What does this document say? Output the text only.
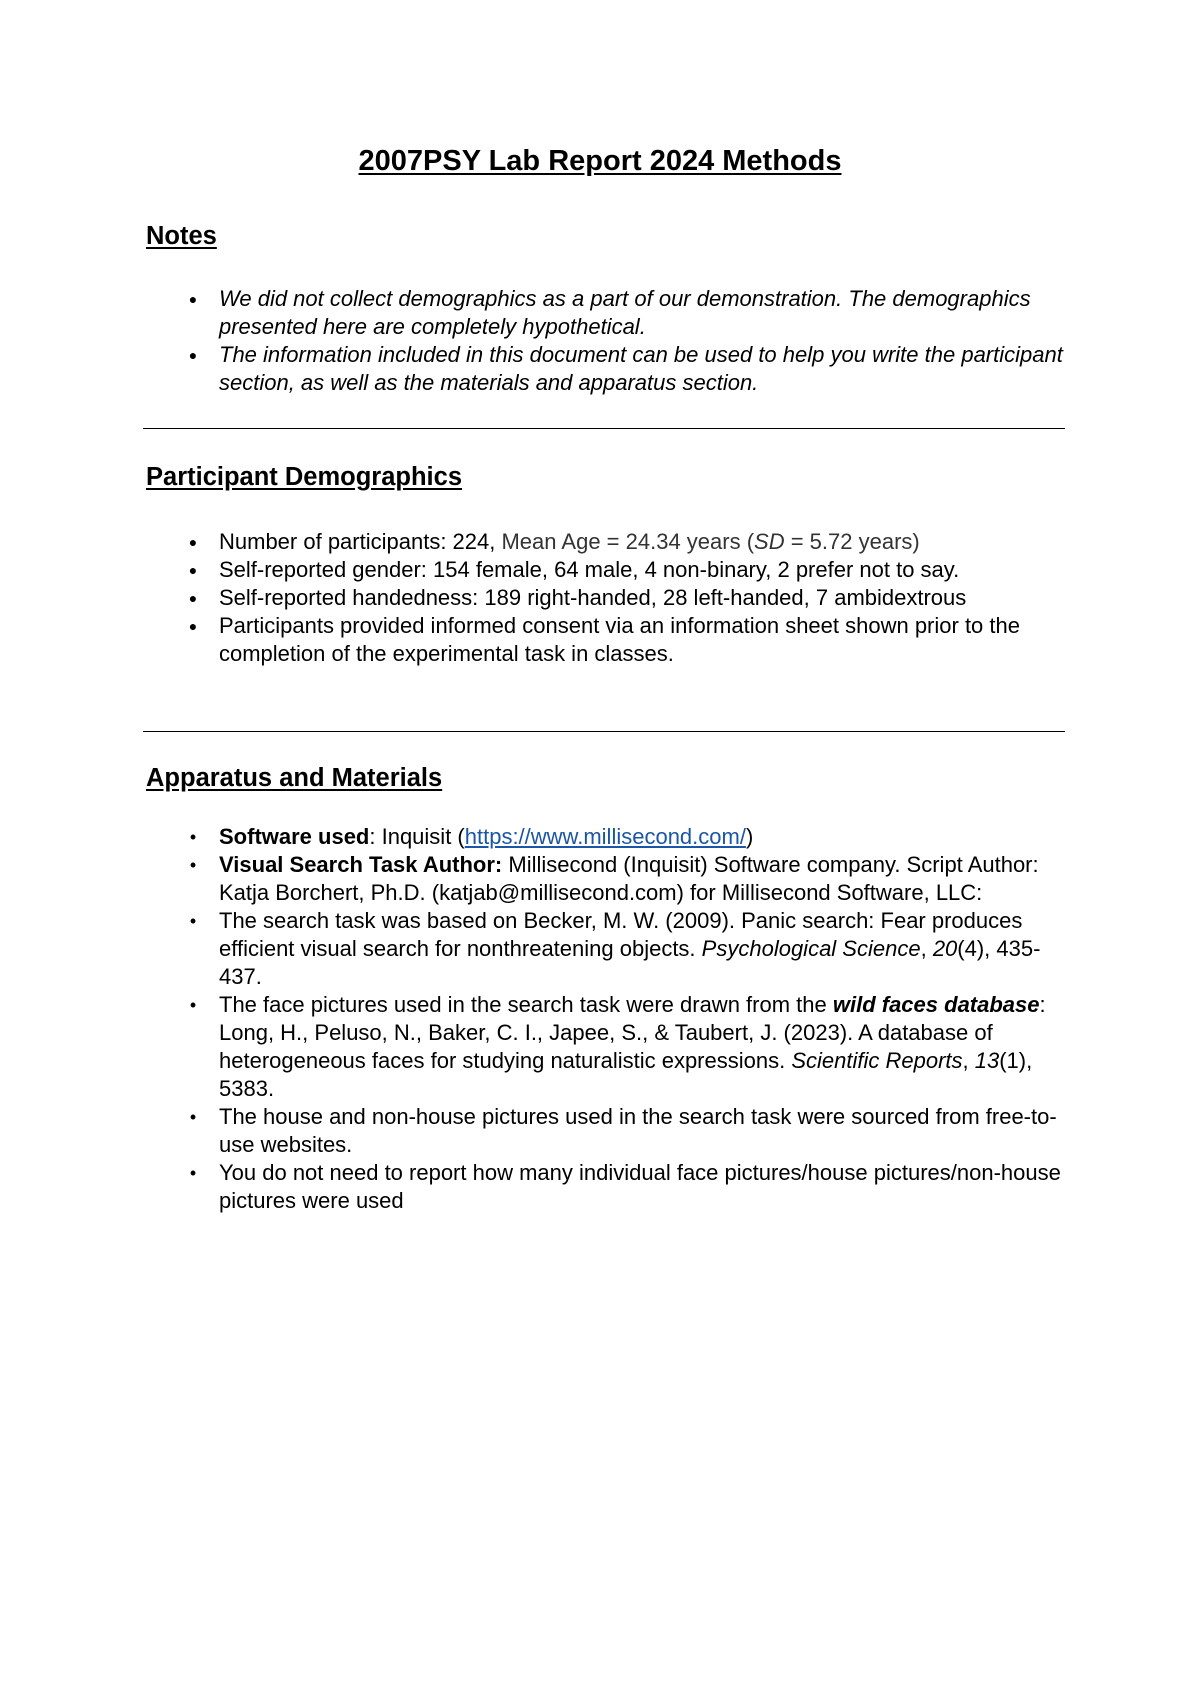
2007PSY Lab Report 2024 Methods
Notes
● We did not collect demographics as a part of our demonstration. The demographics presented here are completely hypothetical.
● The information included in this document can be used to help you write the participant section, as well as the materials and apparatus section.
Participant Demographics
● Number of participants: 224, Mean Age = 24.34 years (SD = 5.72 years)
● Self-reported gender: 154 female, 64 male, 4 non-binary, 2 prefer not to say.
● Self-reported handedness: 189 right-handed, 28 left-handed, 7 ambidextrous
● Participants provided informed consent via an information sheet shown prior to the completion of the experimental task in classes.
Apparatus and Materials
•	Software used: Inquisit (https://www.millisecond.com/)
•	Visual Search Task Author: Millisecond (Inquisit) Software company. Script Author: Katja Borchert, Ph.D. (katjab@millisecond.com) for Millisecond Software, LLC:
•	The search task was based on Becker, M. W. (2009). Panic search: Fear produces efficient visual search for nonthreatening objects. Psychological Science, 20(4), 435-437.
•	The face pictures used in the search task were drawn from the wild faces database: Long, H., Peluso, N., Baker, C. I., Japee, S., & Taubert, J. (2023). A database of heterogeneous faces for studying naturalistic expressions. Scientific Reports, 13(1), 5383.
•	The house and non-house pictures used in the search task were sourced from free-to-use websites.
•	You do not need to report how many individual face pictures/house pictures/non-house pictures were used
